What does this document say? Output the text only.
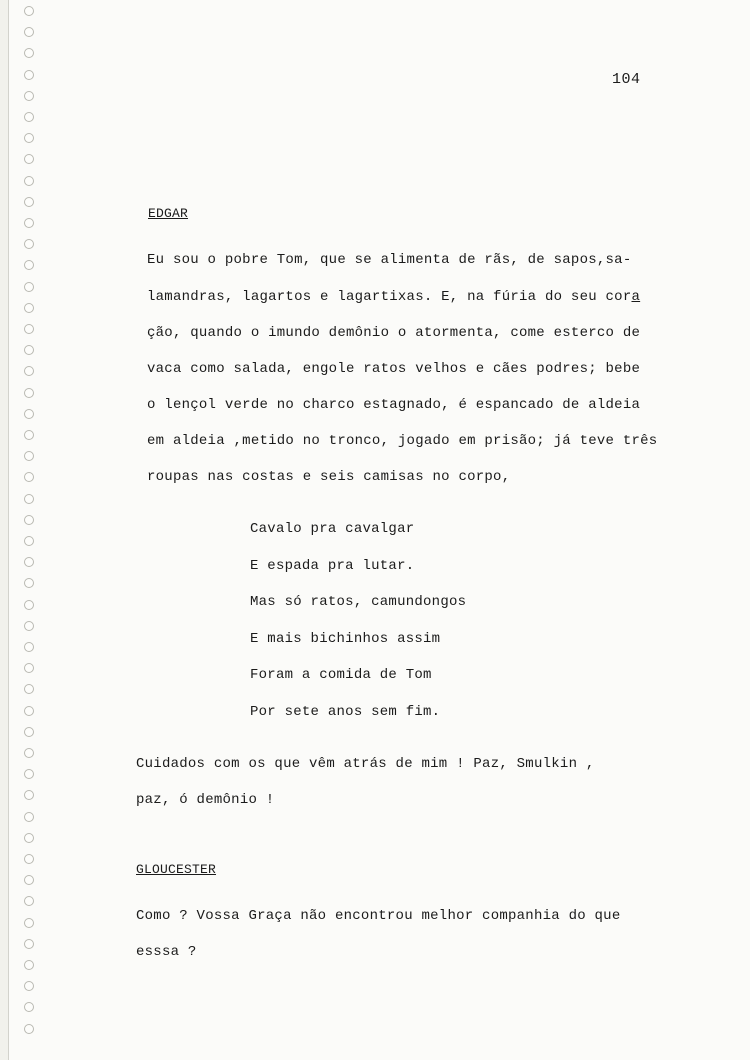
104
EDGAR
Eu sou o pobre Tom, que se alimenta de rãs, de sapos,sa-
lamandras, lagartos e lagartixas. E, na fúria do seu cora
ção, quando o imundo demônio o atormenta, come esterco de
vaca como salada, engole ratos velhos e cães podres; bebe
o lençol verde no charco estagnado, é espancado de aldeia
em aldeia ,metido no tronco, jogado em prisão; já teve três
roupas nas costas e seis camisas no corpo,
Cavalo pra cavalgar
E espada pra lutar.
Mas só ratos, camundongos
E mais bichinhos assim
Foram a comida de Tom
Por sete anos sem fim.
Cuidados com os que vêm atrás de mim ! Paz, Smulkin ,
paz, ó demônio !
GLOUCESTER
Como ? Vossa Graça não encontrou melhor companhia do que
esssa ?
